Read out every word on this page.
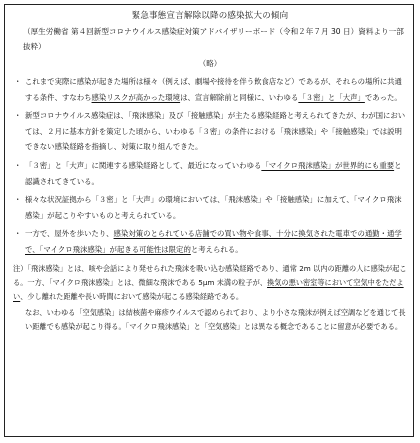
緊急事態宣言解除以降の感染拡大の傾向
（厚生労働省 第４回新型コロナウイルス感染症対策アドバイザリーボード（令和２年７月 30 日）資料より一部抜粋）
（略）
・ これまで実際に感染が起きた場所は様々（例えば、劇場や接待を伴う飲食店など）であるが、それらの場所に共通する条件、すなわち感染リスクが高かった環境は、宣言解除前と同様に、いわゆる「３密」と「大声」であった。
・ 新型コロナウイルス感染症は、「飛沫感染」及び「接触感染」が主たる感染経路と考えられてきたが、わが国においては、２月に基本方針を策定した頃から、いわゆる「３密」の条件における「飛沫感染」や「接触感染」では説明できない感染経路を指摘し、対策に取り組んできた。
・ 「３密」と「大声」に関連する感染経路として、最近になっていわゆる「マイクロ飛沫感染」が世界的にも重要と認識されてきている。
・ 様々な状況証拠から「３密」と「大声」の環境においては、「飛沫感染」や「接触感染」に加えて、「マイクロ飛沫感染」が起こりやすいものと考えられている。
・ 一方で、屋外を歩いたり、感染対策のとられている店舗での買い物や食事、十分に換気された電車での通勤・通学で、「マイクロ飛沫感染」が起きる可能性は限定的と考えられる。
注）「飛沫感染」とは、咳や会話により発せられた飛沫を吸い込む感染経路であり、通常 2m 以内の距離の人に感染が起こる。一方、「マイクロ飛沫感染」とは、微細な飛沫である 5μm 未満の粒子が、換気の悪い密室等において空気中をただよい、少し離れた距離や長い時間において感染が起こる感染経路である。
なお、いわゆる「空気感染」は結核菌や麻疹ウイルスで認められており、より小さな飛沫が例えば空調などを通じて長い距離でも感染が起こり得る。「マイクロ飛沫感染」と「空気感染」とは異なる概念であることに留意が必要である。
